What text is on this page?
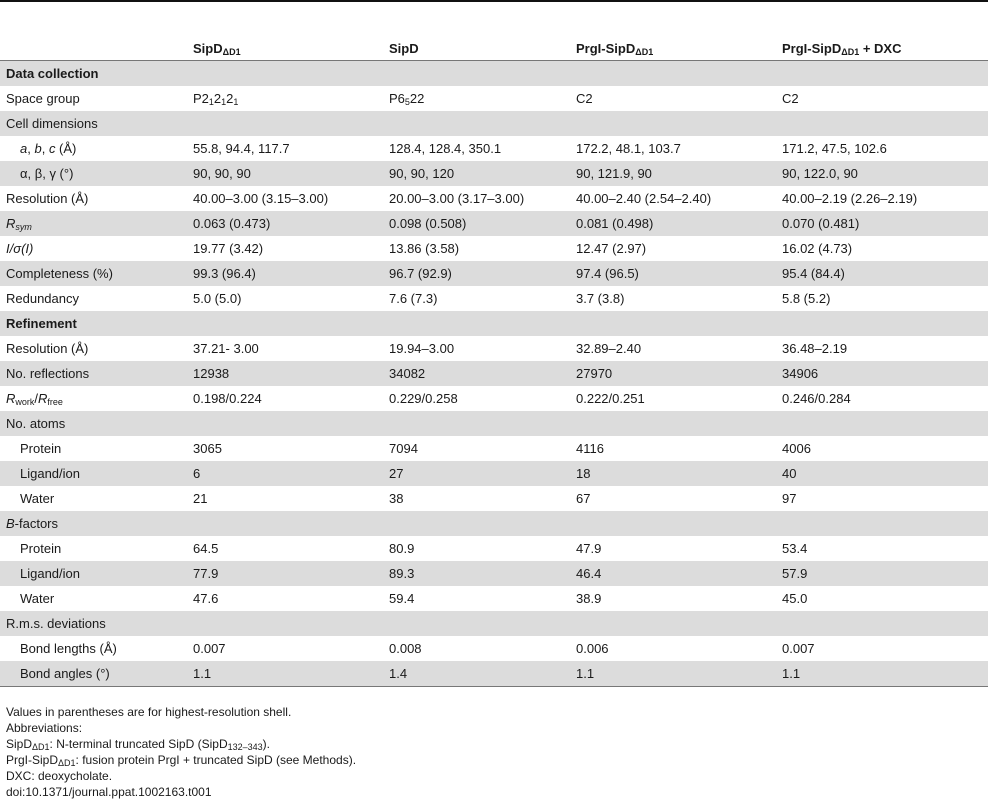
	SipD$_{\Delta D1}$	SipD	PrgI-SipD$_{\Delta D1}$	PrgI-SipD$_{\Delta D1}$ + DXC
Data collection				
Space group	$P2_12_12_1$	$P6_522$	C2	C2
Cell dimensions				
a, b, c (Å)	55.8, 94.4, 117.7	128.4, 128.4, 350.1	172.2, 48.1, 103.7	171.2, 47.5, 102.6
α, β, γ (°)	90, 90, 90	90, 90, 120	90, 121.9, 90	90, 122.0, 90
Resolution (Å)	40.00–3.00 (3.15–3.00)	20.00–3.00 (3.17–3.00)	40.00–2.40 (2.54–2.40)	40.00–2.19 (2.26–2.19)
$R_{sym}$	0.063 (0.473)	0.098 (0.508)	0.081 (0.498)	0.070 (0.481)
I/σ(I)	19.77 (3.42)	13.86 (3.58)	12.47 (2.97)	16.02 (4.73)
Completeness (%)	99.3 (96.4)	96.7 (92.9)	97.4 (96.5)	95.4 (84.4)
Redundancy	5.0 (5.0)	7.6 (7.3)	3.7 (3.8)	5.8 (5.2)
Refinement				
Resolution (Å)	37.21- 3.00	19.94–3.00	32.89–2.40	36.48–2.19
No. reflections	12938	34082	27970	34906
$R_{work}/R_{free}$	0.198/0.224	0.229/0.258	0.222/0.251	0.246/0.284
No. atoms				
Protein	3065	7094	4116	4006
Ligand/ion	6	27	18	40
Water	21	38	67	97
B-factors				
Protein	64.5	80.9	47.9	53.4
Ligand/ion	77.9	89.3	46.4	57.9
Water	47.6	59.4	38.9	45.0
R.m.s. deviations				
Bond lengths (Å)	0.007	0.008	0.006	0.007
Bond angles (°)	1.1	1.4	1.1	1.1
Values in parentheses are for highest-resolution shell.
Abbreviations:
SipD$_{\Delta D1}$: N-terminal truncated SipD (SipD$_{132-343}$).
PrgI-SipD$_{\Delta D1}$: fusion protein PrgI + truncated SipD (see Methods).
DXC: deoxycholate.
doi:10.1371/journal.ppat.1002163.t001
